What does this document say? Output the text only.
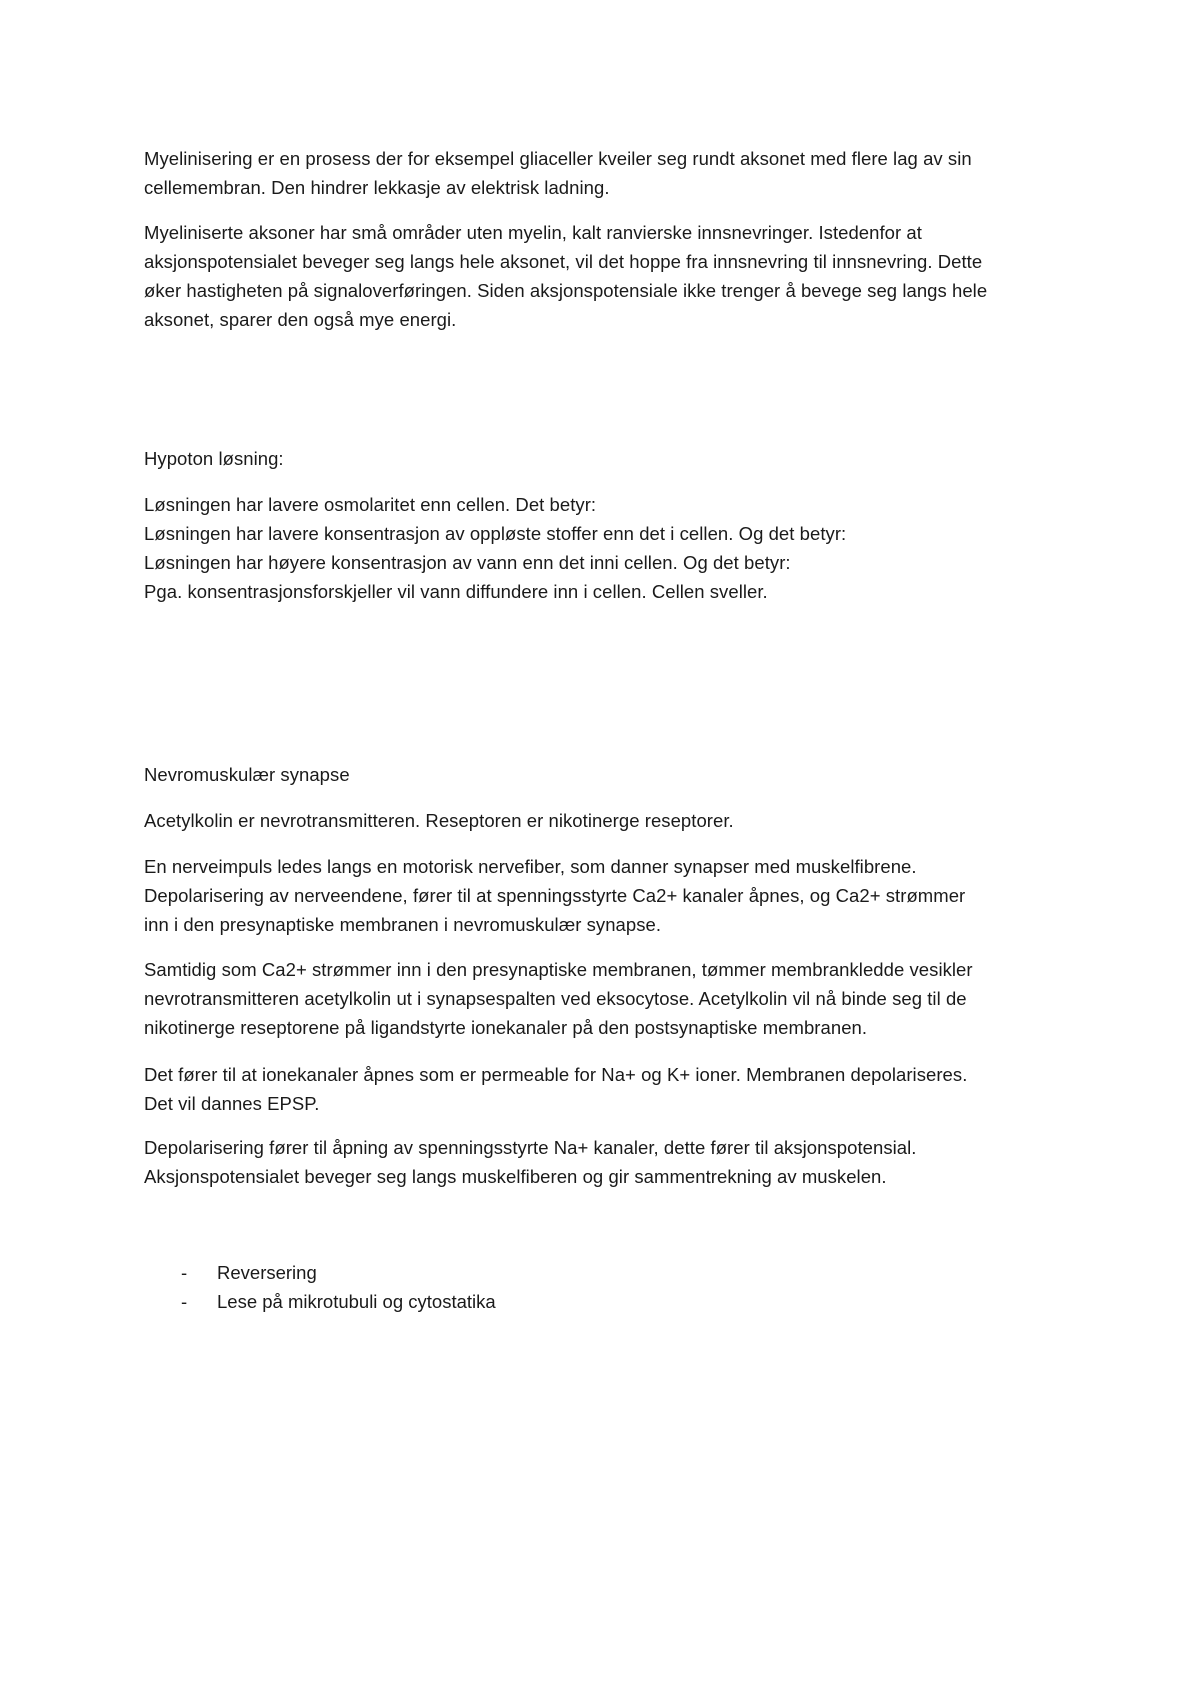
Myelinisering er en prosess der for eksempel gliaceller kveiler seg rundt aksonet med flere lag av sin
cellemembran. Den hindrer lekkasje av elektrisk ladning.
Myeliniserte aksoner har små områder uten myelin, kalt ranvierske innsnevringer. Istedenfor at
aksjonspotensialet beveger seg langs hele aksonet, vil det hoppe fra innsnevring til innsnevring. Dette
øker hastigheten på signaloverføringen. Siden aksjonspotensiale ikke trenger å bevege seg langs hele
aksonet, sparer den også mye energi.
Hypoton løsning:
Løsningen har lavere osmolaritet enn cellen. Det betyr:
Løsningen har lavere konsentrasjon av oppløste stoffer enn det i cellen. Og det betyr:
Løsningen har høyere konsentrasjon av vann enn det inni cellen. Og det betyr:
Pga. konsentrasjonsforskjeller vil vann diffundere inn i cellen. Cellen sveller.
Nevromuskulær synapse
Acetylkolin er nevrotransmitteren. Reseptoren er nikotinerge reseptorer.
En nerveimpuls ledes langs en motorisk nervefiber, som danner synapser med muskelfibrene.
Depolarisering av nerveendene, fører til at spenningsstyrte Ca2+ kanaler åpnes, og Ca2+ strømmer
inn i den presynaptiske membranen i nevromuskulær synapse.
Samtidig som Ca2+ strømmer inn i den presynaptiske membranen, tømmer membrankledde vesikler
nevrotransmitteren acetylkolin ut i synapsespalten ved eksocytose. Acetylkolin vil nå binde seg til de
nikotinerge reseptorene på ligandstyrte ionekanaler på den postsynaptiske membranen.
Det fører til at ionekanaler åpnes som er permeable for Na+ og K+ ioner. Membranen depolariseres.
Det vil dannes EPSP.
Depolarisering fører til åpning av spenningsstyrte Na+ kanaler, dette fører til aksjonspotensial.
Aksjonspotensialet beveger seg langs muskelfiberen og gir sammentrekning av muskelen.
- Reversering
- Lese på mikrotubuli og cytostatika
